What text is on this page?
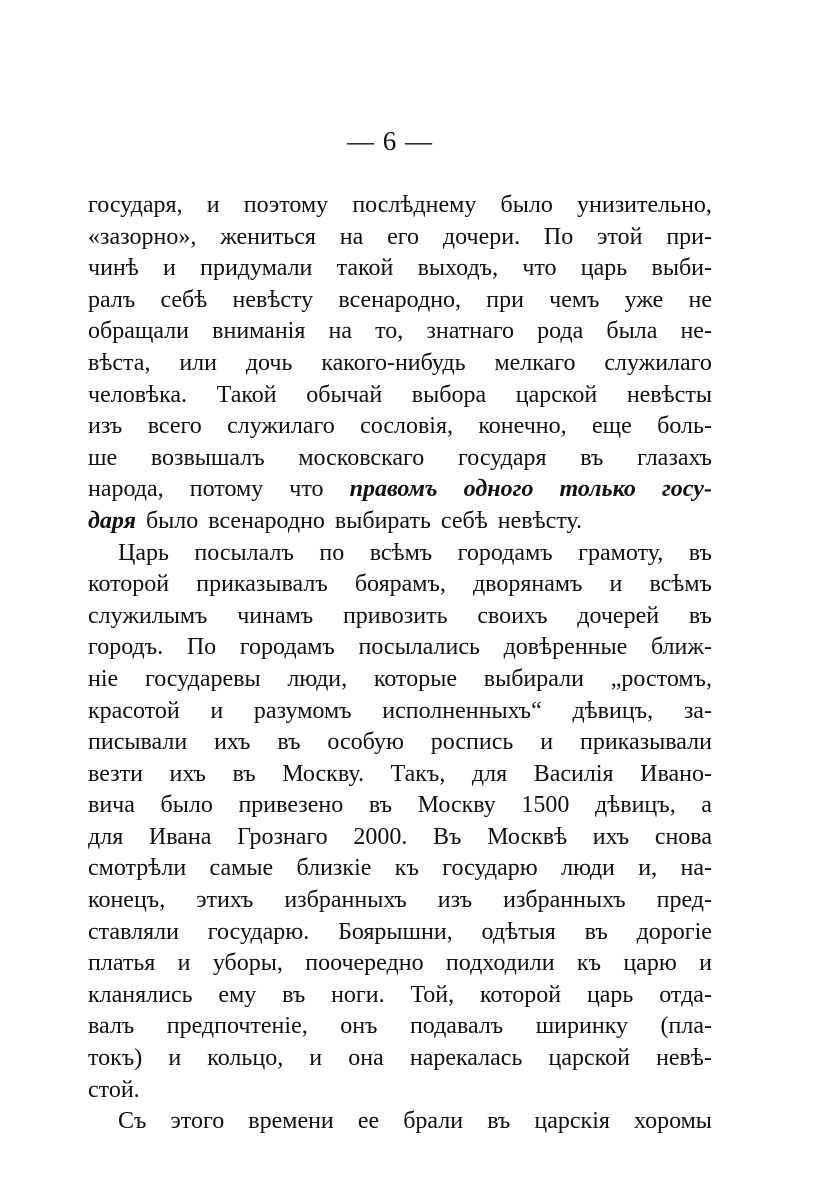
— 6 —
государя, и поэтому послѣднему было унизительно,
«зазорно», жениться на его дочери. По этой при-
чинѣ и придумали такой выходъ, что царь выби-
ралъ себѣ невѣсту всенародно, при чемъ уже не
обращали вниманія на то, знатнаго рода была не-
вѣста, или дочь какого-нибудь мелкаго служилаго
человѣка. Такой обычай выбора царской невѣсты
изъ всего служилаго сословія, конечно, еще боль-
ше возвышалъ московскаго государя въ глазахъ
народа, потому что правомъ одного только госу-
даря было всенародно выбирать себѣ невѣсту.
Царь посылалъ по всѣмъ городамъ грамоту, въ
которой приказывалъ боярамъ, дворянамъ и всѣмъ
служилымъ чинамъ привозить своихъ дочерей въ
городъ. По городамъ посылались довѣренные ближ-
ніе государевы люди, которые выбирали „ростомъ,
красотой и разумомъ исполненныхъ“ дѣвицъ, за-
писывали ихъ въ особую роспись и приказывали
везти ихъ въ Москву. Такъ, для Василія Ивано-
вича было привезено въ Москву 1500 дѣвицъ, а
для Ивана Грознаго 2000. Въ Москвѣ ихъ снова
смотрѣли самые близкіе къ государю люди и, на-
конецъ, этихъ избранныхъ изъ избранныхъ пред-
ставляли государю. Боярышни, одѣтыя въ дорогіе
платья и уборы, поочередно подходили къ царю и
кланялись ему въ ноги. Той, которой царь отда-
валъ предпочтеніе, онъ подавалъ ширинку (пла-
токъ) и кольцо, и она нарекалась царской невѣ-
стой.
Съ этого времени ее брали въ царскія хоромы
